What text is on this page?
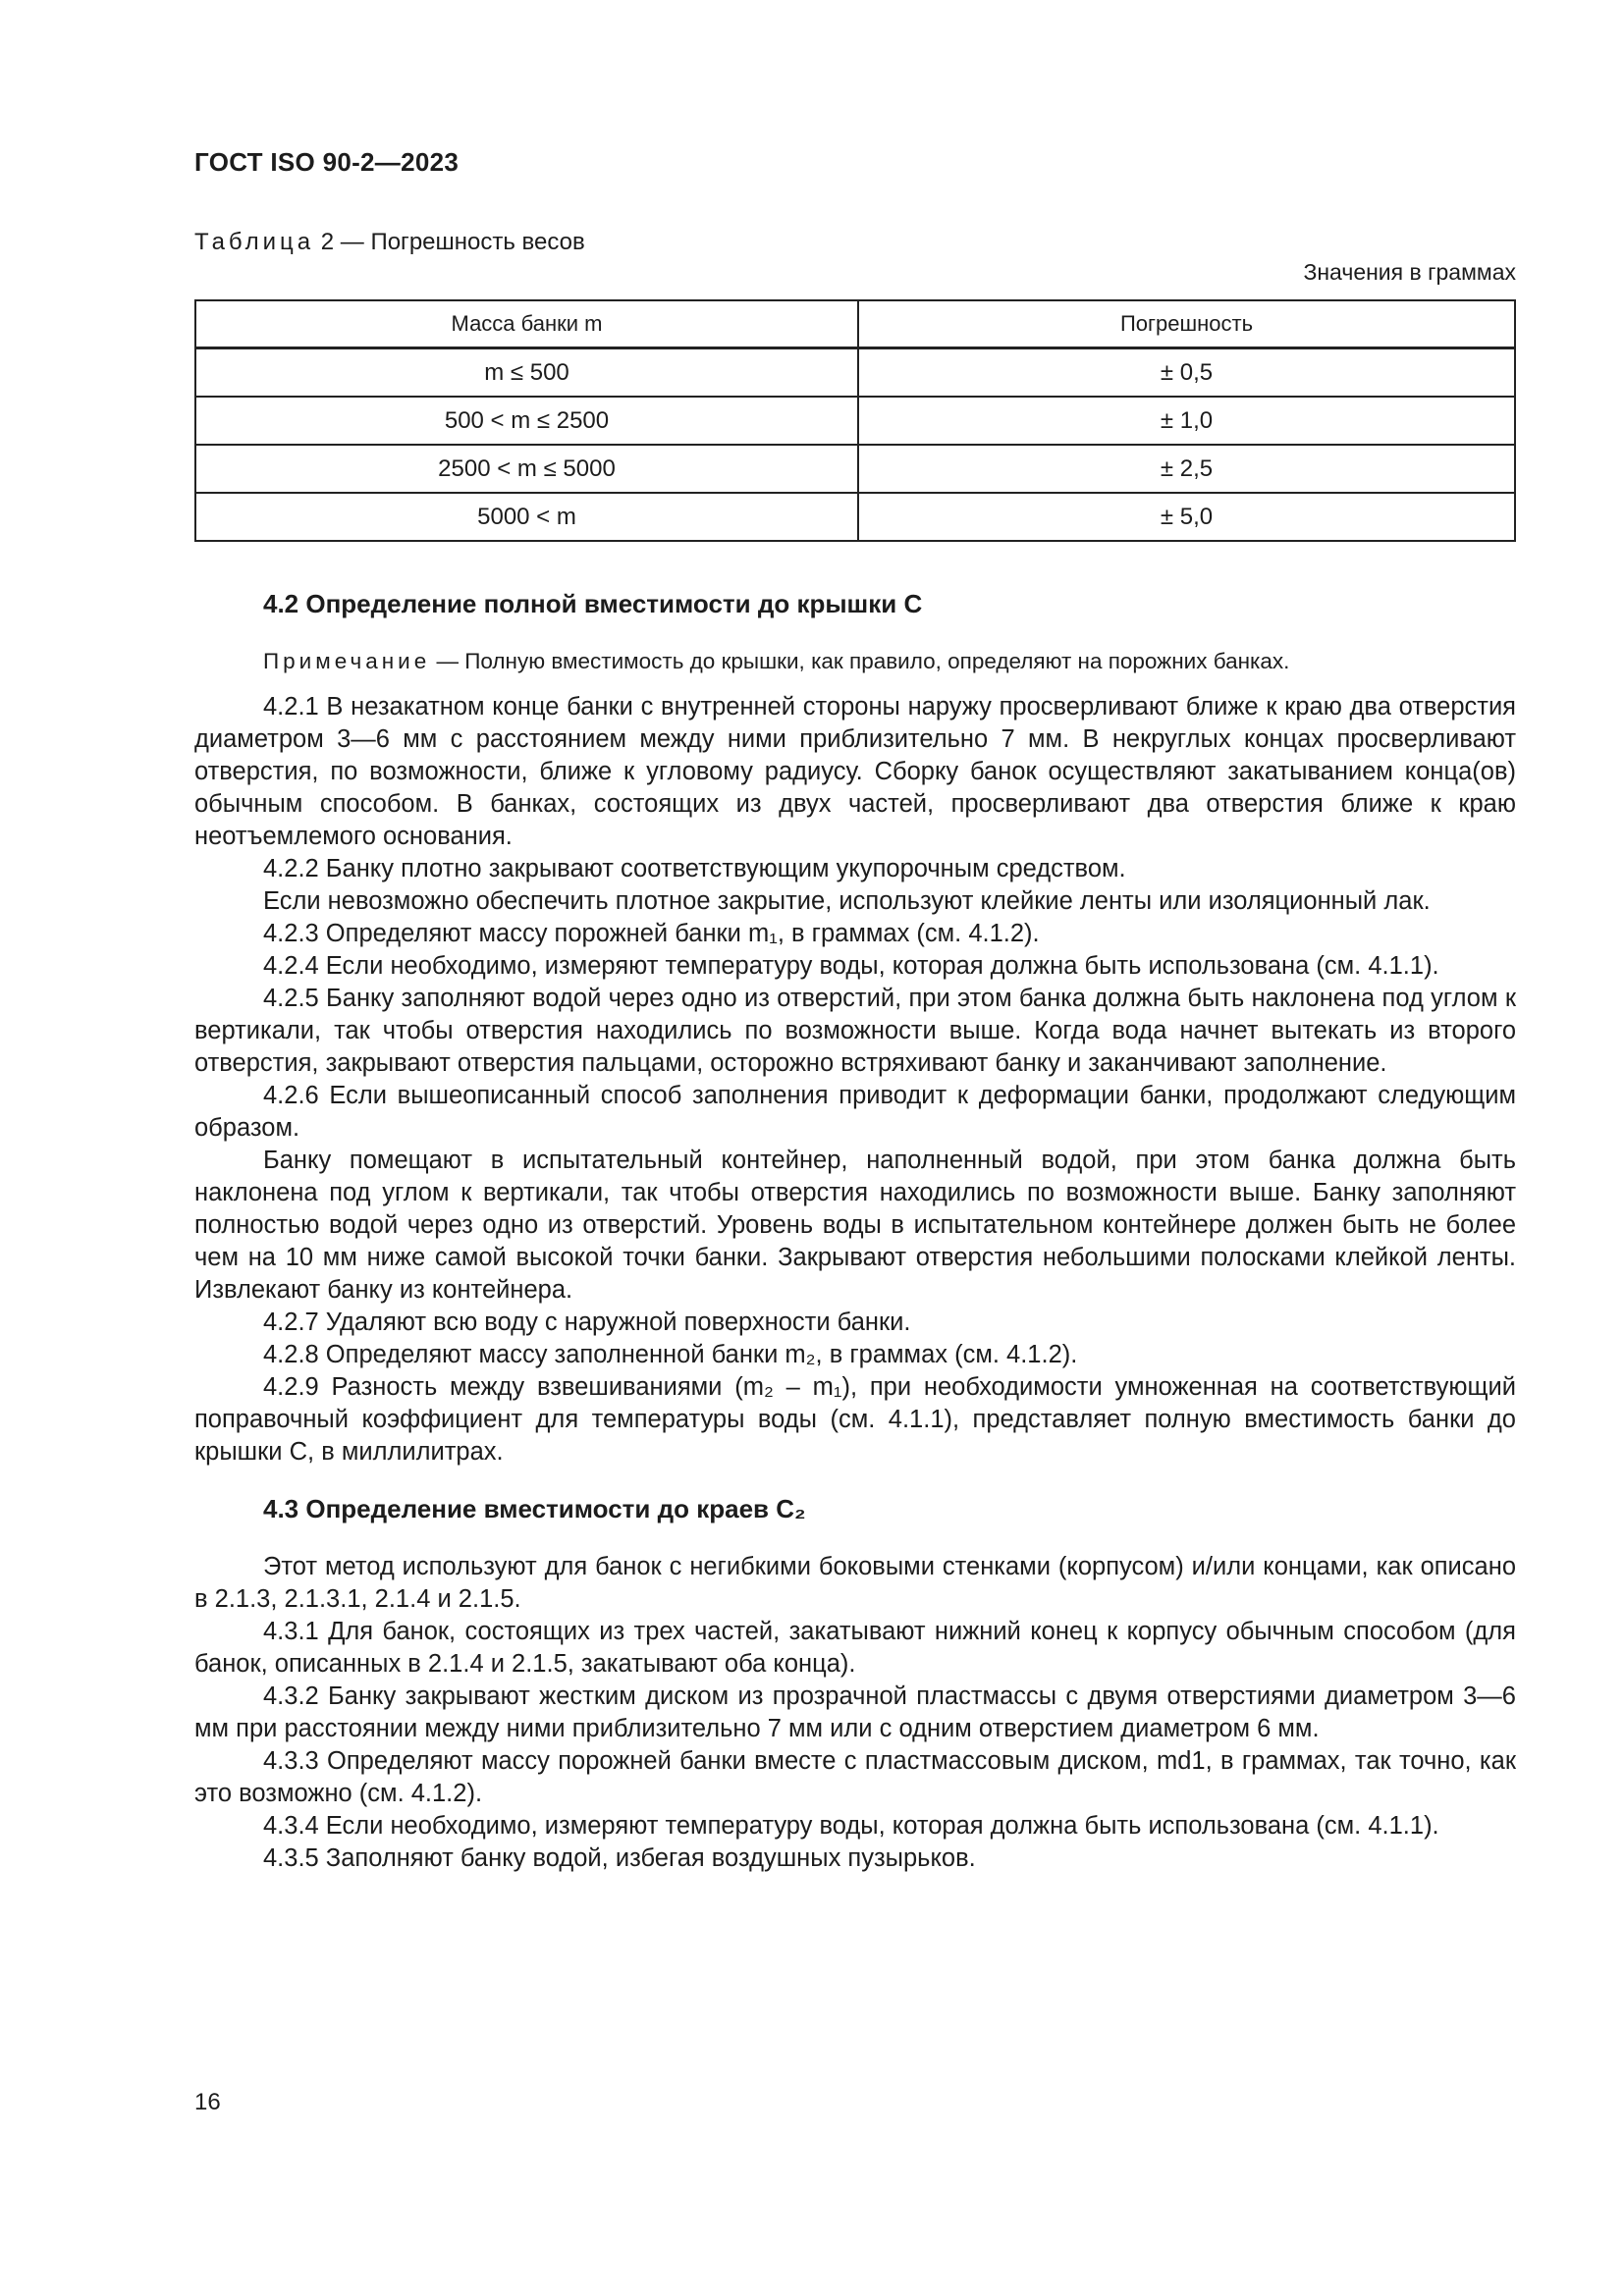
ГОСТ ISO 90-2—2023
Таблица 2 — Погрешность весов
Значения в граммах
Масса банки m	Погрешность
m ≤ 500	± 0,5
500 < m ≤ 2500	± 1,0
2500 < m ≤ 5000	± 2,5
5000 < m	± 5,0
4.2 Определение полной вместимости до крышки C
Примечание — Полную вместимость до крышки, как правило, определяют на порожних банках.

4.2.1 В незакатном конце банки с внутренней стороны наружу просверливают ближе к краю два отверстия диаметром 3—6 мм с расстоянием между ними приблизительно 7 мм. В некруглых концах просверливают отверстия, по возможности, ближе к угловому радиусу. Сборку банок осуществляют закатыванием конца(ов) обычным способом. В банках, состоящих из двух частей, просверливают два отверстия ближе к краю неотъемлемого основания.

4.2.2 Банку плотно закрывают соответствующим укупорочным средством.

Если невозможно обеспечить плотное закрытие, используют клейкие ленты или изоляционный лак.

4.2.3 Определяют массу порожней банки m₁, в граммах (см. 4.1.2).

4.2.4 Если необходимо, измеряют температуру воды, которая должна быть использована (см. 4.1.1).

4.2.5 Банку заполняют водой через одно из отверстий, при этом банка должна быть наклонена под углом к вертикали, так чтобы отверстия находились по возможности выше. Когда вода начнет вытекать из второго отверстия, закрывают отверстия пальцами, осторожно встряхивают банку и заканчивают заполнение.

4.2.6 Если вышеописанный способ заполнения приводит к деформации банки, продолжают следующим образом.

Банку помещают в испытательный контейнер, наполненный водой, при этом банка должна быть наклонена под углом к вертикали, так чтобы отверстия находились по возможности выше. Банку заполняют полностью водой через одно из отверстий. Уровень воды в испытательном контейнере должен быть не более чем на 10 мм ниже самой высокой точки банки. Закрывают отверстия небольшими полосками клейкой ленты. Извлекают банку из контейнера.

4.2.7 Удаляют всю воду с наружной поверхности банки.

4.2.8 Определяют массу заполненной банки m₂, в граммах (см. 4.1.2).

4.2.9 Разность между взвешиваниями (m₂ – m₁), при необходимости умноженная на соответствующий поправочный коэффициент для температуры воды (см. 4.1.1), представляет полную вместимость банки до крышки C, в миллилитрах.

4.3 Определение вместимости до краев C₂

Этот метод используют для банок с негибкими боковыми стенками (корпусом) и/или концами, как описано в 2.1.3, 2.1.3.1, 2.1.4 и 2.1.5.

4.3.1 Для банок, состоящих из трех частей, закатывают нижний конец к корпусу обычным способом (для банок, описанных в 2.1.4 и 2.1.5, закатывают оба конца).

4.3.2 Банку закрывают жестким диском из прозрачной пластмассы с двумя отверстиями диаметром 3—6 мм при расстоянии между ними приблизительно 7 мм или с одним отверстием диаметром 6 мм.

4.3.3 Определяют массу порожней банки вместе с пластмассовым диском, md1, в граммах, так точно, как это возможно (см. 4.1.2).

4.3.4 Если необходимо, измеряют температуру воды, которая должна быть использована (см. 4.1.1).

4.3.5 Заполняют банку водой, избегая воздушных пузырьков.

16
